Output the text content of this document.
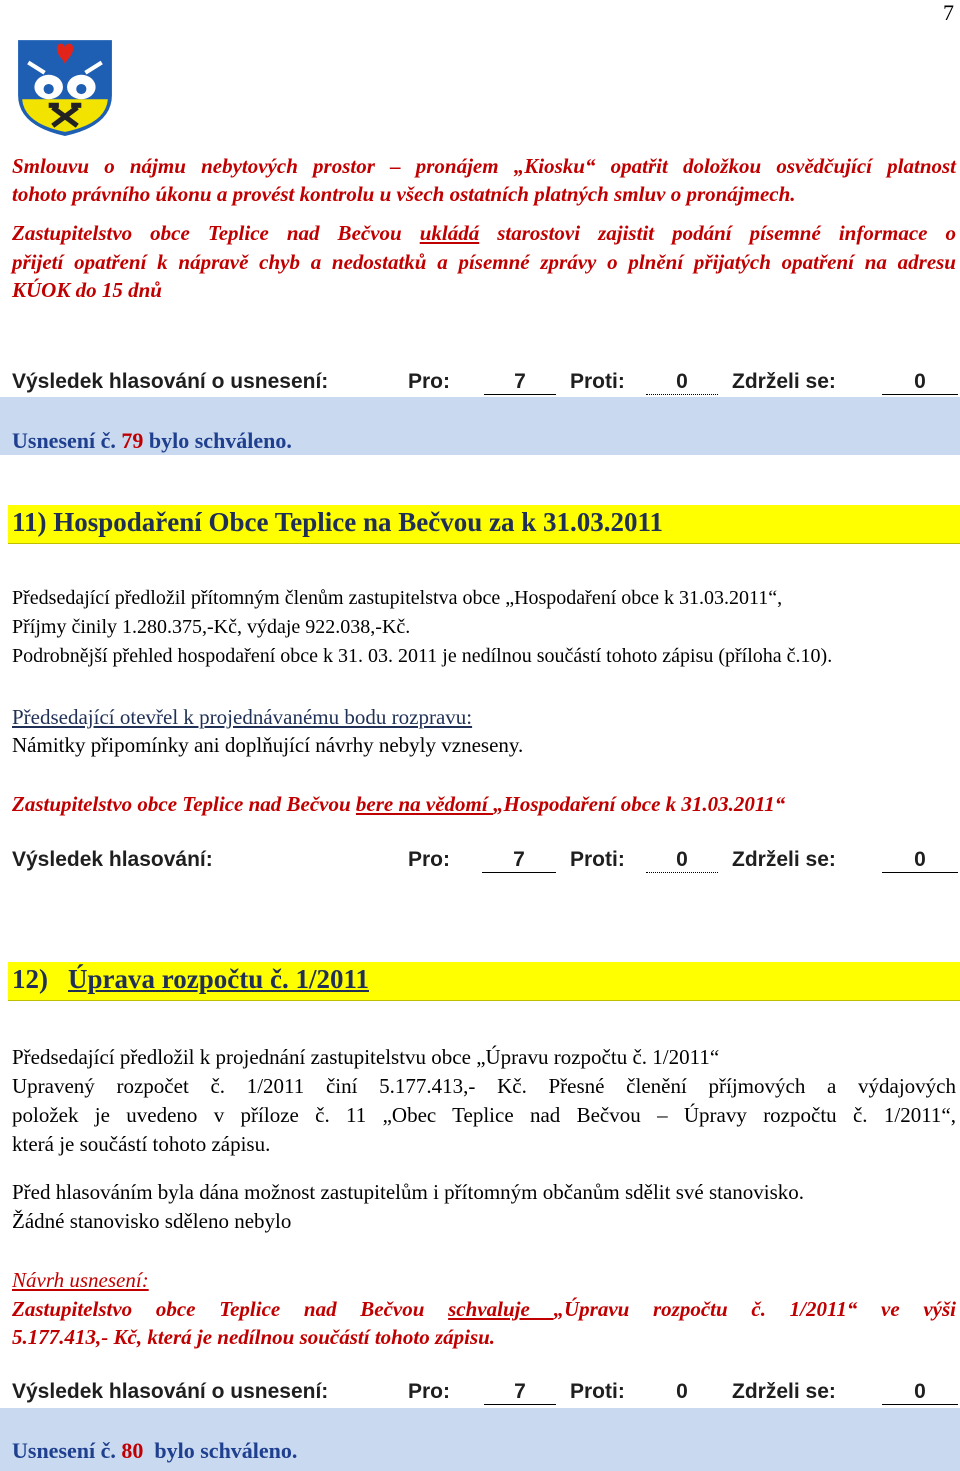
7
Smlouvu o nájmu nebytových prostor – pronájem „Kiosku“ opatřit doložkou osvědčující platnost
tohoto právního úkonu a provést kontrolu u všech ostatních platných smluv o pronájmech.
Zastupitelstvo obce Teplice nad Bečvou ukládá starostovi zajistit podání písemné informace o
přijetí opatření k nápravě chyb a nedostatků a písemné zprávy o plnění přijatých opatření na adresu
KÚOK do 15 dnů
Výsledek hlasování o usnesení:	Pro:	7	Proti:	0	Zdrželi se:	0
Usnesení č. 79 bylo schváleno.
11) Hospodaření Obce Teplice na Bečvou za k 31.03.2011
Předsedající předložil přítomným členům zastupitelstva obce „Hospodaření obce k 31.03.2011“,
Příjmy činily 1.280.375,-Kč, výdaje 922.038,-Kč.
Podrobnější přehled hospodaření obce k 31. 03. 2011 je nedílnou součástí tohoto zápisu (příloha č.10).
Předsedající otevřel k projednávanému bodu rozpravu:
Námitky připomínky ani doplňující návrhy nebyly vzneseny.
Zastupitelstvo obce Teplice nad Bečvou bere na vědomí „Hospodaření obce k 31.03.2011“
Výsledek hlasování:	Pro:	7	Proti:	0	Zdrželi se:	0
12) Úprava rozpočtu č. 1/2011
Předsedající předložil k projednání zastupitelstvu obce „Úpravu rozpočtu č. 1/2011“
Upravený rozpočet č. 1/2011 činí 5.177.413,- Kč. Přesné členění příjmových a výdajových
položek je uvedeno v příloze č. 11 „Obec Teplice nad Bečvou – Úpravy rozpočtu č. 1/2011“,
která je součástí tohoto zápisu.
Před hlasováním byla dána možnost zastupitelům i přítomným občanům sdělit své stanovisko.
Žádné stanovisko sděleno nebylo
Návrh usnesení:
Zastupitelstvo obce Teplice nad Bečvou schvaluje „Úpravu rozpočtu č. 1/2011“ ve výši
5.177.413,- Kč, která je nedílnou součástí tohoto zápisu.
Výsledek hlasování o usnesení:	Pro:	7	Proti:	0	Zdrželi se:	0
Usnesení č. 80 bylo schváleno.
